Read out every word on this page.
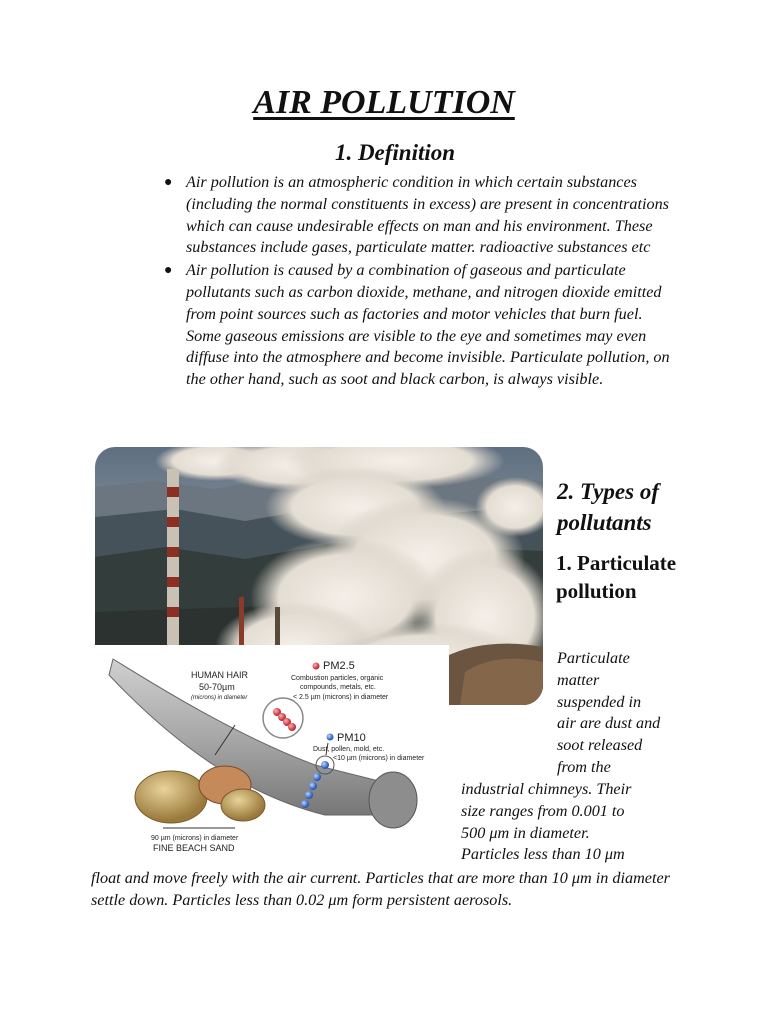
AIR POLLUTION
1. Definition
● Air pollution is an atmospheric condition in which certain substances (including the normal constituents in excess) are present in concentrations which can cause undesirable effects on man and his environment. These substances include gases, particulate matter. radioactive substances etc
● Air pollution is caused by a combination of gaseous and particulate pollutants such as carbon dioxide, methane, and nitrogen dioxide emitted from point sources such as factories and motor vehicles that burn fuel. Some gaseous emissions are visible to the eye and sometimes may even diffuse into the atmosphere and become invisible. Particulate pollution, on the other hand, such as soot and black carbon, is always visible.
HUMAN HAIR
50-70µm
(microns) in diameter
PM2.5
Combustion particles, organic
compounds, metals, etc.
< 2.5 µm (microns) in diameter
PM10
Dust, pollen, mold, etc.
<10 µm (microns) in diameter
90 µm (microns) in diameter
FINE BEACH SAND
2. Types of pollutants
1. Particulate pollution
Particulate
matter
suspended in
air are dust and
soot released
from the
industrial chimneys. Their
size ranges from 0.001 to
500 μm in diameter.
Particles less than 10 μm

float and move freely with the air current. Particles that are more than 10 μm in diameter settle down. Particles less than 0.02 μm form persistent aerosols.
